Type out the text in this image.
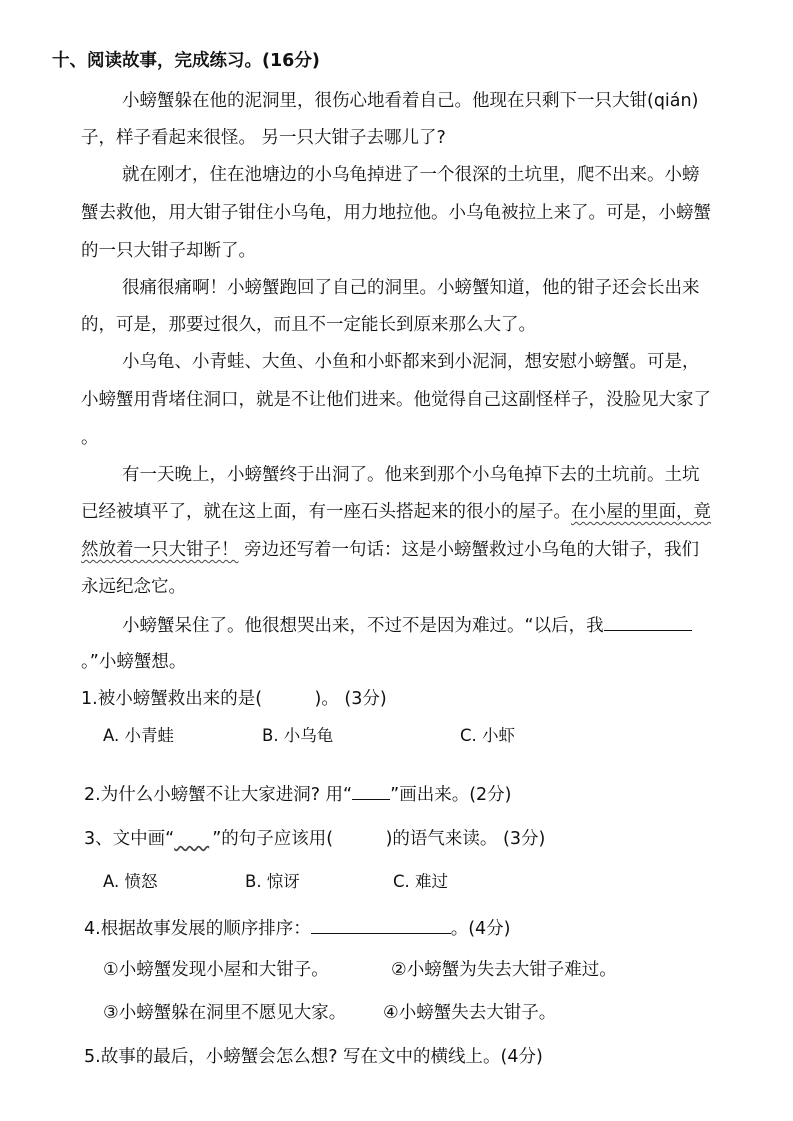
十、阅读故事，完成练习。(16分)
小螃蟹躲在他的泥洞里，很伤心地看着自己。他现在只剩下一只大钳(qián)
子，样子看起来很怪。 另一只大钳子去哪儿了?
就在刚才，住在池塘边的小乌龟掉进了一个很深的土坑里，爬不出来。小螃
蟹去救他，用大钳子钳住小乌龟，用力地拉他。小乌龟被拉上来了。可是，小螃蟹
的一只大钳子却断了。
很痛很痛啊！小螃蟹跑回了自己的洞里。小螃蟹知道，他的钳子还会长出来
的，可是，那要过很久，而且不一定能长到原来那么大了。
小乌龟、小青蛙、大鱼、小鱼和小虾都来到小泥洞，想安慰小螃蟹。可是，
小螃蟹用背堵住洞口，就是不让他们进来。他觉得自己这副怪样子，没脸见大家了
。
有一天晚上，小螃蟹终于出洞了。他来到那个小乌龟掉下去的土坑前。土坑
已经被填平了，就在这上面，有一座石头搭起来的很小的屋子。在小屋的里面，竟
然放着一只大钳子！ 旁边还写着一句话：这是小螃蟹救过小乌龟的大钳子，我们
永远纪念它。
小螃蟹呆住了。他很想哭出来，不过不是因为难过。“以后，我
。”小螃蟹想。
1.被小螃蟹救出来的是(　　　)。 (3分)
A. 小青蛙	B. 小乌龟	C. 小虾
2.为什么小螃蟹不让大家进洞? 用“ ”画出来。(2分)
3、文中画“　　 ”的句子应该用(　　　)的语气来读。 (3分)
A. 愤怒	B. 惊讶	C. 难过
4.根据故事发展的顺序排序：	。(4分)
①小螃蟹发现小屋和大钳子。	②小螃蟹为失去大钳子难过。
③小螃蟹躲在洞里不愿见大家。 ④小螃蟹失去大钳子。
5.故事的最后，小螃蟹会怎么想? 写在文中的横线上。(4分)
